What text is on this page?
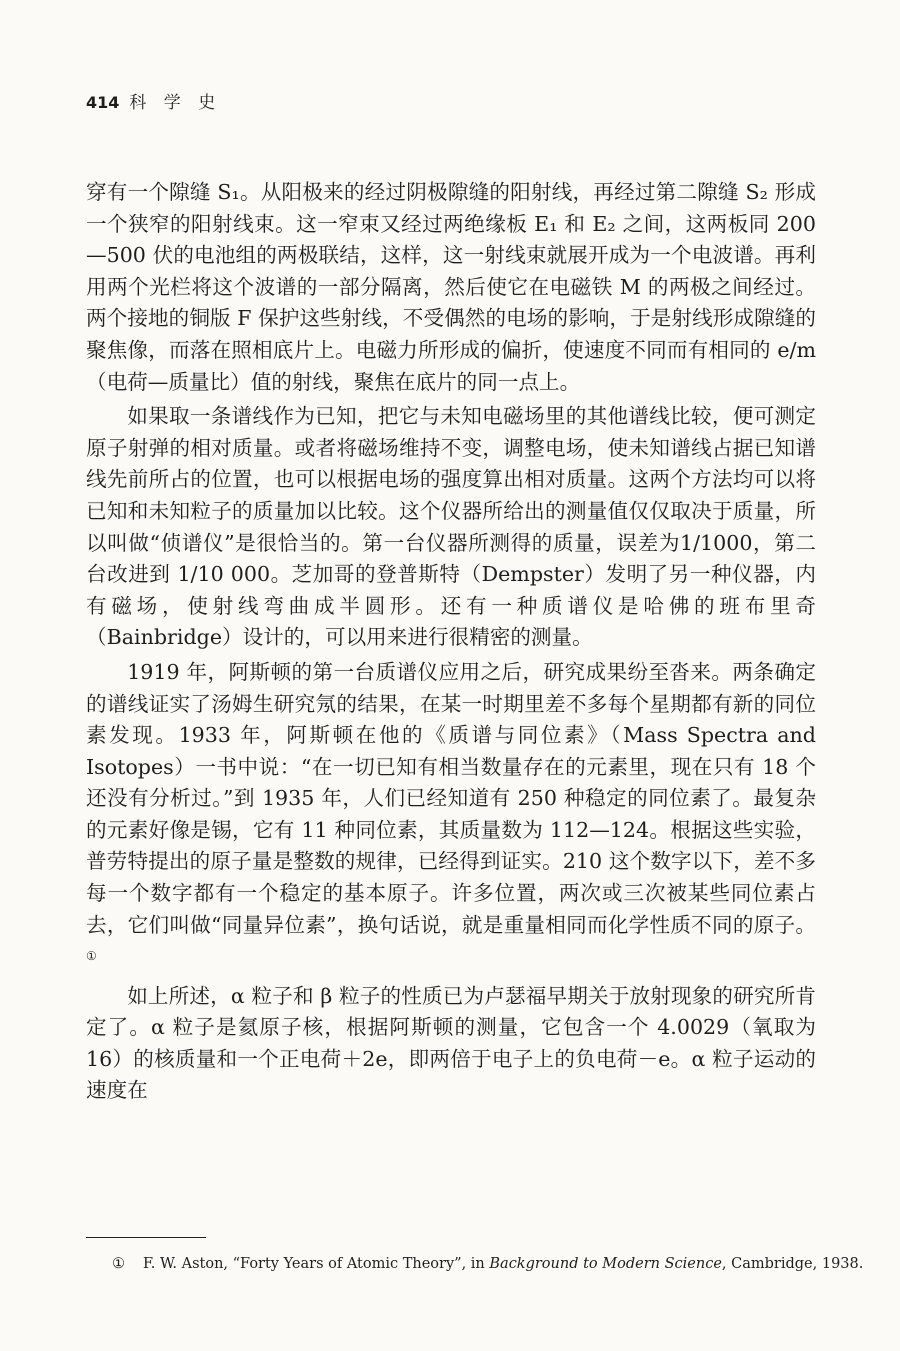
414 科 学 史

穿有一个隙缝 S₁。从阳极来的经过阴极隙缝的阳射线，再经过第二隙缝 S₂ 形成一个狭窄的阳射线束。这一窄束又经过两绝缘板 E₁ 和 E₂ 之间，这两板同 200—500 伏的电池组的两极联结，这样，这一射线束就展开成为一个电波谱。再利用两个光栏将这个波谱的一部分隔离，然后使它在电磁铁 M 的两极之间经过。两个接地的铜版 F 保护这些射线，不受偶然的电场的影响，于是射线形成隙缝的聚焦像，而落在照相底片上。电磁力所形成的偏折，使速度不同而有相同的 e/m（电荷—质量比）值的射线，聚焦在底片的同一点上。

如果取一条谱线作为已知，把它与未知电磁场里的其他谱线比较，便可测定原子射弹的相对质量。或者将磁场维持不变，调整电场，使未知谱线占据已知谱线先前所占的位置，也可以根据电场的强度算出相对质量。这两个方法均可以将已知和未知粒子的质量加以比较。这个仪器所给出的测量值仅仅取决于质量，所以叫做“侦谱仪”是很恰当的。第一台仪器所测得的质量，误差为1/1000，第二台改进到 1/10 000。芝加哥的登普斯特（Dempster）发明了另一种仪器，内有磁场，使射线弯曲成半圆形。还有一种质谱仪是哈佛的班布里奇（Bainbridge）设计的，可以用来进行很精密的测量。

1919 年，阿斯顿的第一台质谱仪应用之后，研究成果纷至沓来。两条确定的谱线证实了汤姆生研究氖的结果，在某一时期里差不多每个星期都有新的同位素发现。1933 年，阿斯顿在他的《质谱与同位素》（Mass Spectra and Isotopes）一书中说：“在一切已知有相当数量存在的元素里，现在只有 18 个还没有分析过。”到 1935 年，人们已经知道有 250 种稳定的同位素了。最复杂的元素好像是锡，它有 11 种同位素，其质量数为 112—124。根据这些实验，普劳特提出的原子量是整数的规律，已经得到证实。210 这个数字以下，差不多每一个数字都有一个稳定的基本原子。许多位置，两次或三次被某些同位素占去，它们叫做“同量异位素”，换句话说，就是重量相同而化学性质不同的原子。①

如上所述，α 粒子和 β 粒子的性质已为卢瑟福早期关于放射现象的研究所肯定了。α 粒子是氦原子核，根据阿斯顿的测量，它包含一个 4.0029（氧取为 16）的核质量和一个正电荷＋2e，即两倍于电子上的负电荷－e。α 粒子运动的速度在

① F. W. Aston, “Forty Years of Atomic Theory”, in Background to Modern Science, Cambridge, 1938.
